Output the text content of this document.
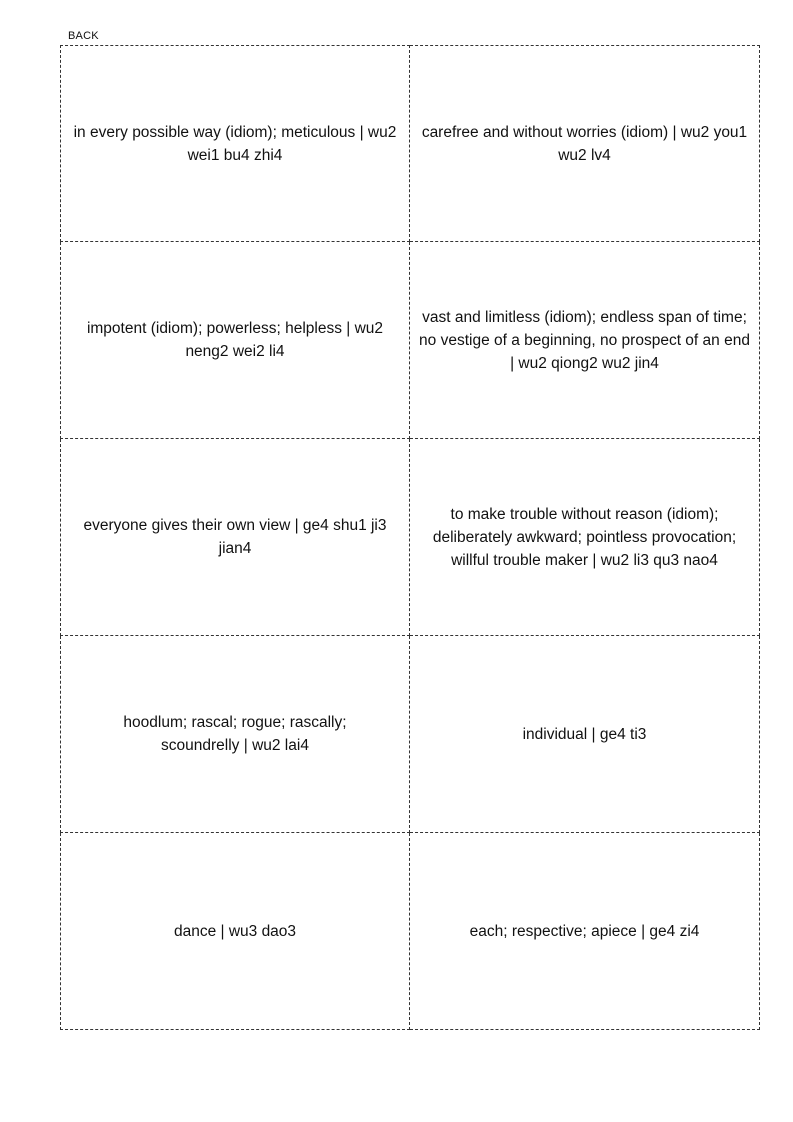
BACK
in every possible way (idiom); meticulous | wu2 wei1 bu4 zhi4
carefree and without worries (idiom) | wu2 you1 wu2 lv4
impotent (idiom); powerless; helpless | wu2 neng2 wei2 li4
vast and limitless (idiom); endless span of time; no vestige of a beginning, no prospect of an end | wu2 qiong2 wu2 jin4
everyone gives their own view | ge4 shu1 ji3 jian4
to make trouble without reason (idiom); deliberately awkward; pointless provocation; willful trouble maker | wu2 li3 qu3 nao4
hoodlum; rascal; rogue; rascally; scoundrelly | wu2 lai4
individual | ge4 ti3
dance | wu3 dao3	each; respective; apiece | ge4 zi4
